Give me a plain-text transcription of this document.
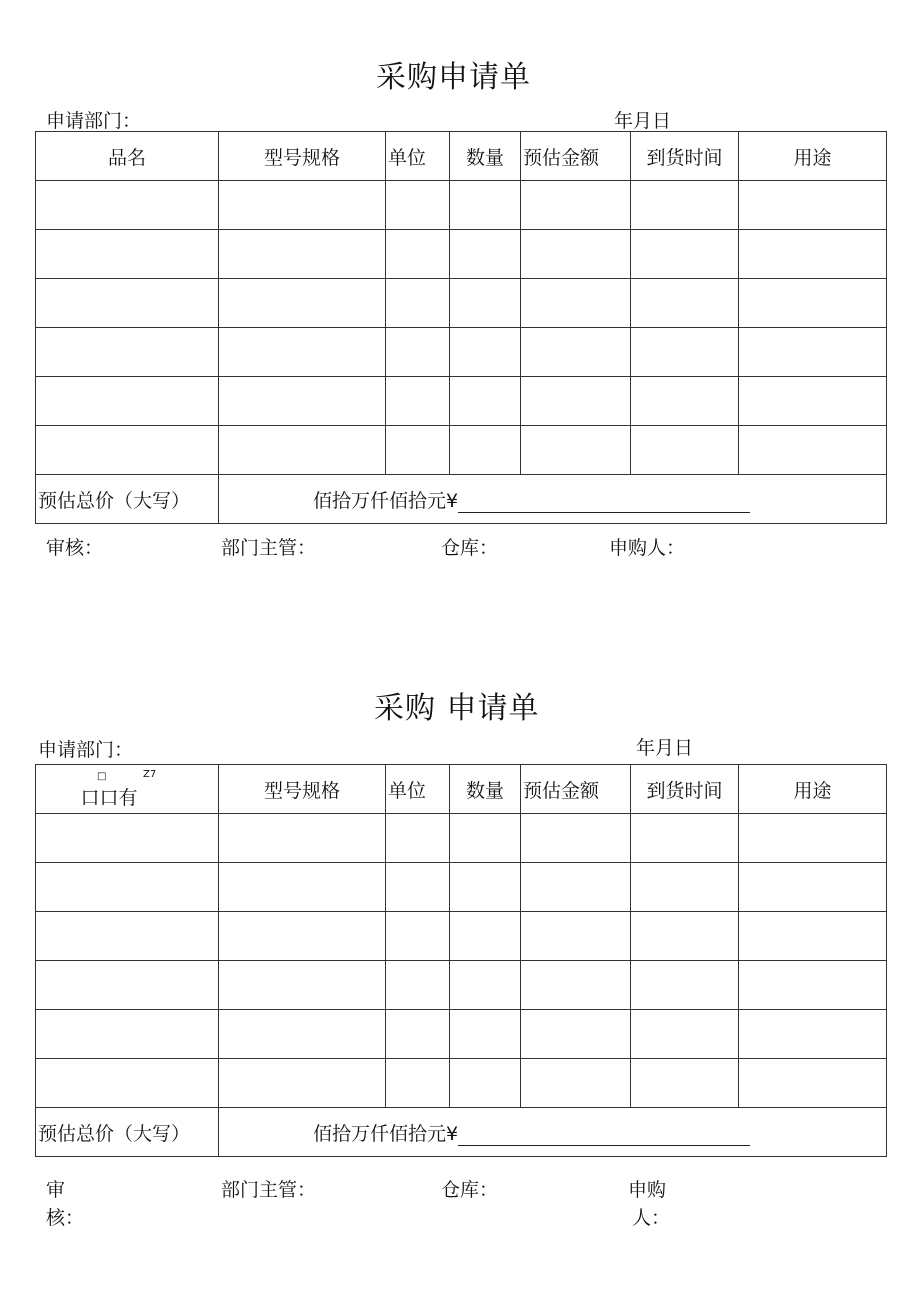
采购申请单
申请部门：	年月日
品名	型号规格	单位	数量	预估金额	到货时间	用途

预估总价（大写）	佰拾万仟佰拾元¥					
审核：	部门主管：	仓库：	申购人：
采购 申请单
申请部门：	年月日
□ Z7
口口有	型号规格	单位	数量	预估金额	到货时间	用途

预估总价（大写）	佰拾万仟佰拾元¥					
审
核：
部门主管：	仓库：	申购
人：
